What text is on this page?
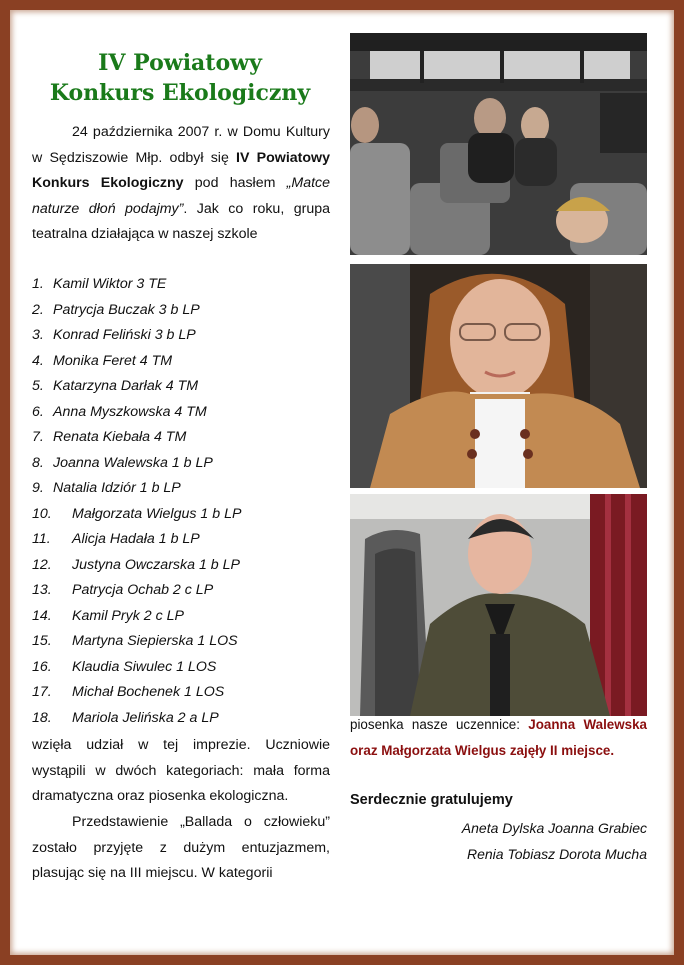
IV Powiatowy
Konkurs Ekologiczny

24 października 2007 r. w Domu Kultury w Sędziszowie Młp. odbył się IV Powiatowy Konkurs Ekologiczny pod hasłem „Matce naturze dłoń podajmy”. Jak co roku, grupa teatralna działająca w naszej szkole

1. Kamil Wiktor 3 TE
2. Patrycja Buczak 3 b LP
3. Konrad Feliński 3 b LP
4. Monika Feret 4 TM
5. Katarzyna Darłak 4 TM
6. Anna Myszkowska 4 TM
7. Renata Kiebała 4 TM
8. Joanna Walewska 1 b LP
9. Natalia Idziór 1 b LP
10. Małgorzata Wielgus 1 b LP
11. Alicja Hadała 1 b LP
12. Justyna Owczarska 1 b LP
13. Patrycja Ochab 2 c LP
14. Kamil Pryk 2 c LP
15. Martyna Siepierska 1 LOS
16. Klaudia Siwulec 1 LOS
17. Michał Bochenek 1 LOS
18. Mariola Jelińska 2 a LP

wzięła udział w tej imprezie. Uczniowie wystąpili w dwóch kategoriach: mała forma dramatyczna oraz piosenka ekologiczna.

Przedstawienie „Ballada o człowieku” zostało przyjęte z dużym entuzjazmem, plasując się na III miejscu. W kategorii

piosenka nasze uczennice: Joanna Walewska oraz Małgorzata Wielgus zajęły II miejsce.

Serdecznie gratulujemy

Aneta Dylska Joanna Grabiec

Renia Tobiasz Dorota Mucha
